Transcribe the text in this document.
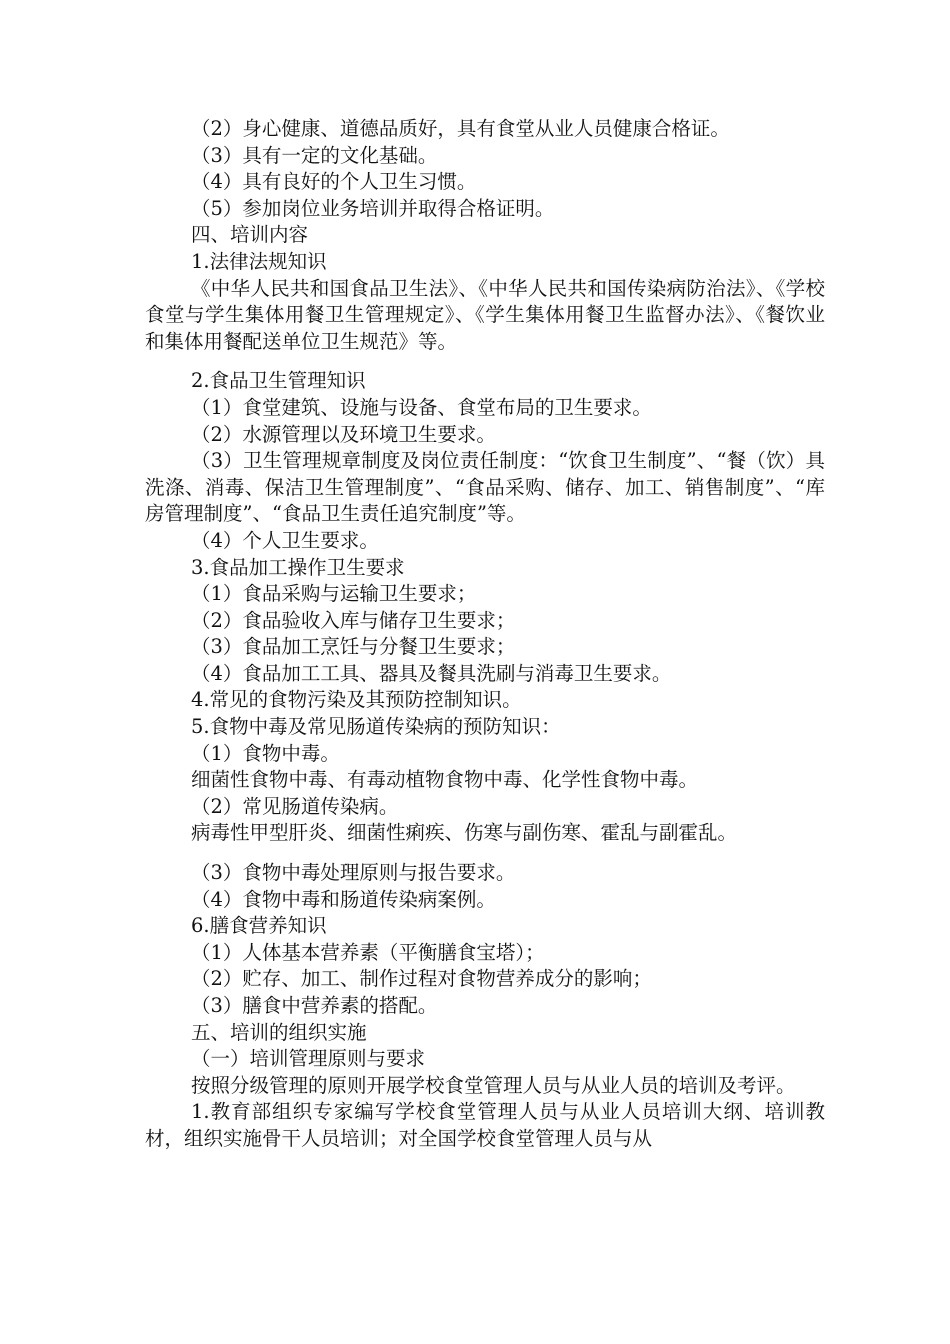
（2）身心健康、道德品质好，具有食堂从业人员健康合格证。
（3）具有一定的文化基础。
（4）具有良好的个人卫生习惯。
（5）参加岗位业务培训并取得合格证明。
四、培训内容
1.法律法规知识
《中华人民共和国食品卫生法》、《中华人民共和国传染病防治法》、《学校食堂与学生集体用餐卫生管理规定》、《学生集体用餐卫生监督办法》、《餐饮业和集体用餐配送单位卫生规范》等。
2.食品卫生管理知识
（1）食堂建筑、设施与设备、食堂布局的卫生要求。
（2）水源管理以及环境卫生要求。
（3）卫生管理规章制度及岗位责任制度：“饮食卫生制度”、“餐（饮）具洗涤、消毒、保洁卫生管理制度”、“食品采购、储存、加工、销售制度”、“库房管理制度”、“食品卫生责任追究制度”等。
（4）个人卫生要求。
3.食品加工操作卫生要求
（1）食品采购与运输卫生要求；
（2）食品验收入库与储存卫生要求；
（3）食品加工烹饪与分餐卫生要求；
（4）食品加工工具、器具及餐具洗刷与消毒卫生要求。
4.常见的食物污染及其预防控制知识。
5.食物中毒及常见肠道传染病的预防知识：
（1）食物中毒。
细菌性食物中毒、有毒动植物食物中毒、化学性食物中毒。
（2）常见肠道传染病。
病毒性甲型肝炎、细菌性痢疾、伤寒与副伤寒、霍乱与副霍乱。
（3）食物中毒处理原则与报告要求。
（4）食物中毒和肠道传染病案例。
6.膳食营养知识
（1）人体基本营养素（平衡膳食宝塔）；
（2）贮存、加工、制作过程对食物营养成分的影响；
（3）膳食中营养素的搭配。
五、培训的组织实施
（一）培训管理原则与要求
按照分级管理的原则开展学校食堂管理人员与从业人员的培训及考评。
1.教育部组织专家编写学校食堂管理人员与从业人员培训大纲、培训教材，组织实施骨干人员培训；对全国学校食堂管理人员与从
